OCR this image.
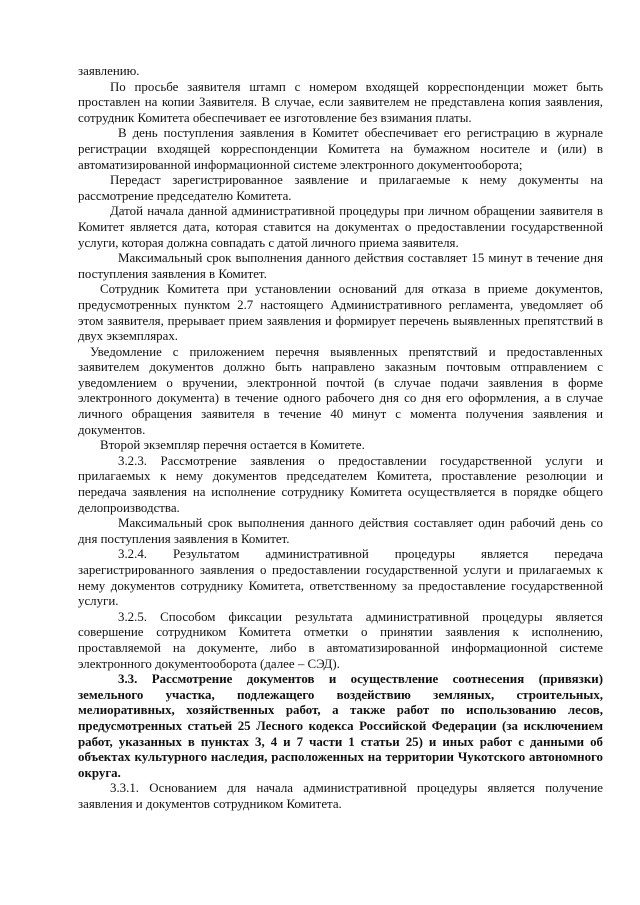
заявлению.

По просьбе заявителя штамп с номером входящей корреспонденции может быть проставлен на копии Заявителя. В случае, если заявителем не представлена копия заявления, сотрудник Комитета обеспечивает ее изготовление без взимания платы.

В день поступления заявления в Комитет обеспечивает его регистрацию в журнале регистрации входящей корреспонденции Комитета на бумажном носителе и (или) в автоматизированной информационной системе электронного документооборота;

Передаст зарегистрированное заявление и прилагаемые к нему документы на рассмотрение председателю Комитета.

Датой начала данной административной процедуры при личном обращении заявителя в Комитет является дата, которая ставится на документах о предоставлении государственной услуги, которая должна совпадать с датой личного приема заявителя.

Максимальный срок выполнения данного действия составляет 15 минут в течение дня поступления заявления в Комитет.

Сотрудник Комитета при установлении оснований для отказа в приеме документов, предусмотренных пунктом 2.7 настоящего Административного регламента, уведомляет об этом заявителя, прерывает прием заявления и формирует перечень выявленных препятствий в двух экземплярах.

Уведомление с приложением перечня выявленных препятствий и предоставленных заявителем документов должно быть направлено заказным почтовым отправлением с уведомлением о вручении, электронной почтой (в случае подачи заявления в форме электронного документа) в течение одного рабочего дня со дня его оформления, а в случае личного обращения заявителя в течение 40 минут с момента получения заявления и документов.

Второй экземпляр перечня остается в Комитете.

3.2.3. Рассмотрение заявления о предоставлении государственной услуги и прилагаемых к нему документов председателем Комитета, проставление резолюции и передача заявления на исполнение сотруднику Комитета осуществляется в порядке общего делопроизводства.

Максимальный срок выполнения данного действия составляет один рабочий день со дня поступления заявления в Комитет.

3.2.4. Результатом административной процедуры является передача зарегистрированного заявления о предоставлении государственной услуги и прилагаемых к нему документов сотруднику Комитета, ответственному за предоставление государственной услуги.

3.2.5. Способом фиксации результата административной процедуры является совершение сотрудником Комитета отметки о принятии заявления к исполнению, проставляемой на документе, либо в автоматизированной информационной системе электронного документооборота (далее – СЭД).

3.3. Рассмотрение документов и осуществление соотнесения (привязки) земельного участка, подлежащего воздействию земляных, строительных, мелиоративных, хозяйственных работ, а также работ по использованию лесов, предусмотренных статьей 25 Лесного кодекса Российской Федерации (за исключением работ, указанных в пунктах 3, 4 и 7 части 1 статьи 25) и иных работ с данными об объектах культурного наследия, расположенных на территории Чукотского автономного округа.

3.3.1. Основанием для начала административной процедуры является получение заявления и документов сотрудником Комитета.
